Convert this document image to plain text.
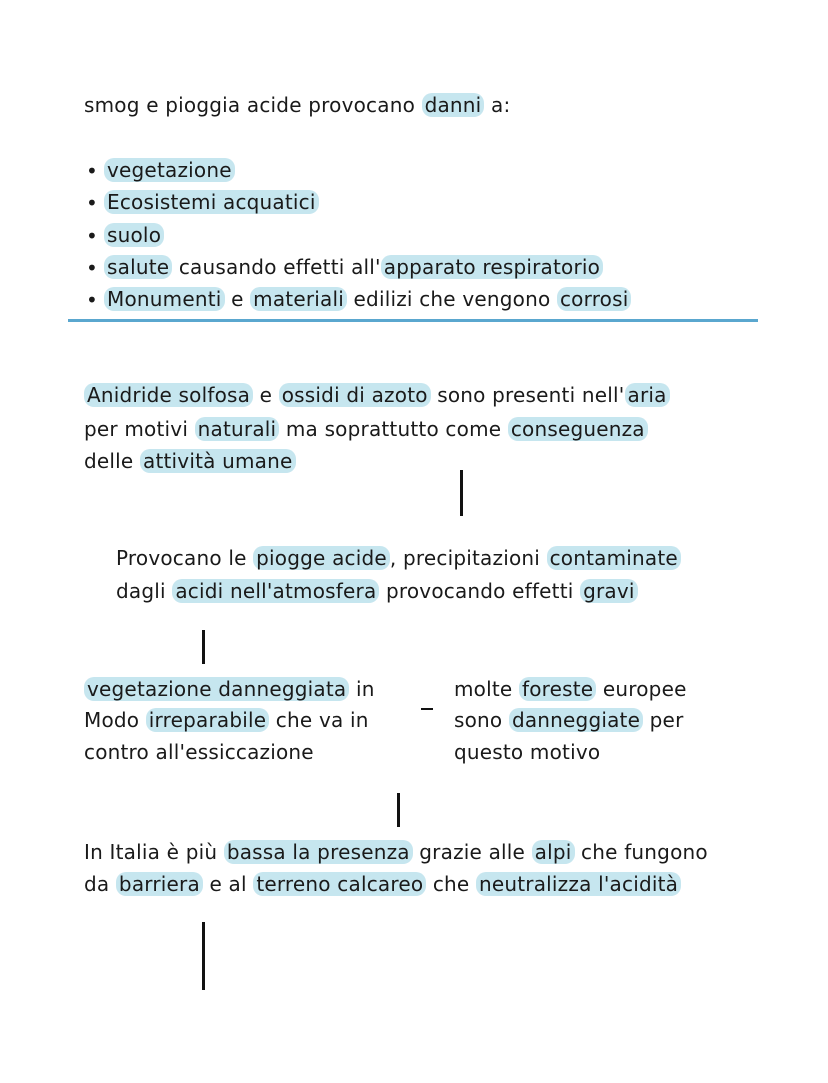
smog e pioggia acide provocano danni a:
• vegetazione
• Ecosistemi acquatici
• suolo
• salute causando effetti all' apparato respiratorio
• Monumenti e materiali edilizi che vengono corrosi
Anidride solfosa e ossidi di azoto sono presenti nell' aria
per motivi naturali ma soprattutto come conseguenza
delle attività umane
Provocano le piogge acide , precipitazioni contaminate
dagli acidi nell'atmosfera provocando effetti gravi
vegetazione danneggiata in
Modo irreparabile che va in
contro all'essiccazione
molte foreste europee
sono danneggiate per
questo motivo
In Italia è più bassa la presenza grazie alle alpi che fungono
da barriera e al terreno calcareo che neutralizza l'acidità
